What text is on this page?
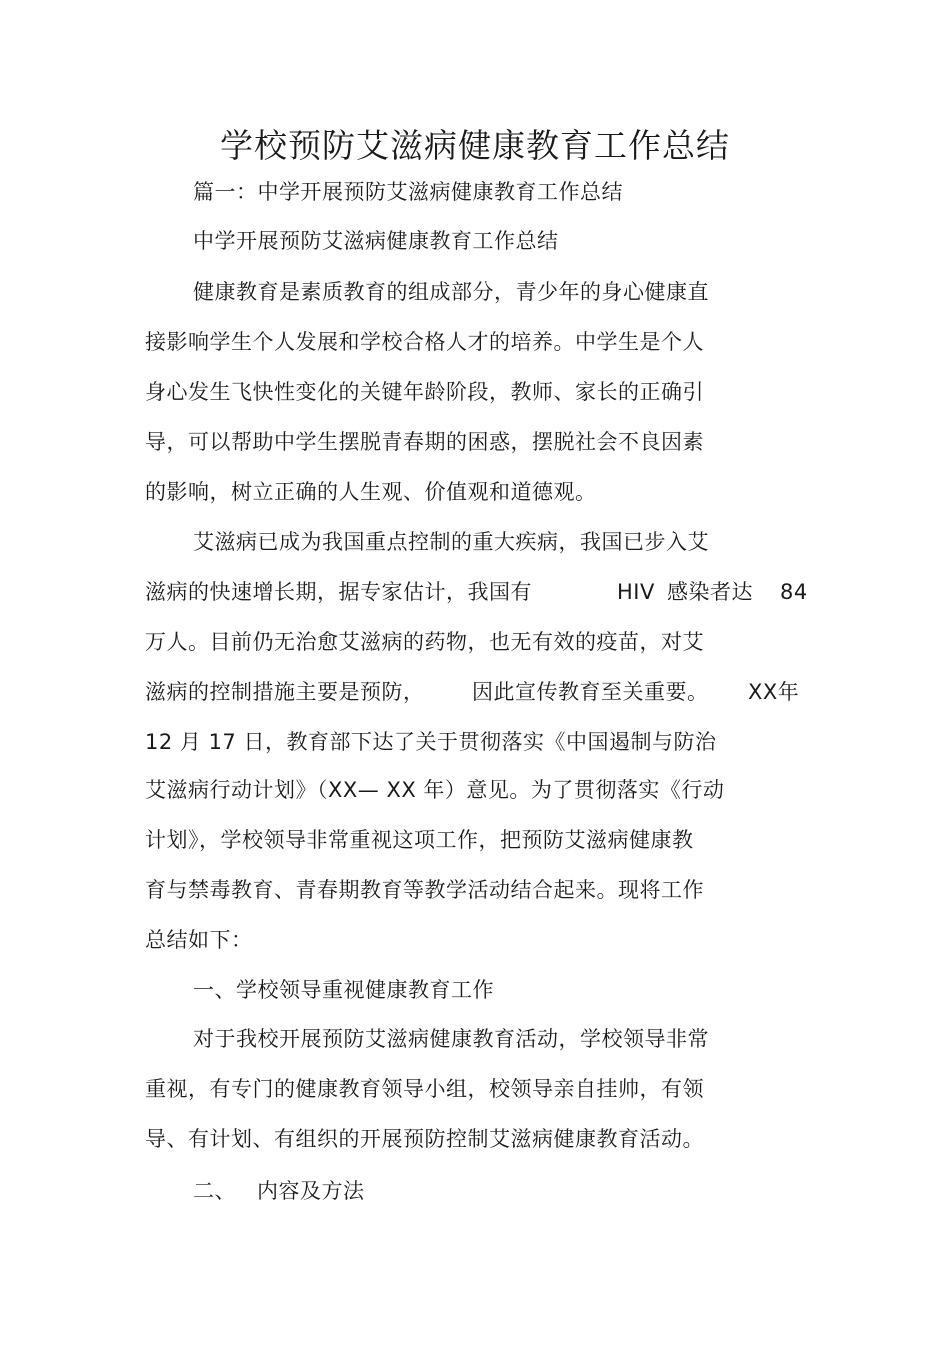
学校预防艾滋病健康教育工作总结
篇一：中学开展预防艾滋病健康教育工作总结
中学开展预防艾滋病健康教育工作总结
健康教育是素质教育的组成部分，青少年的身心健康直
接影响学生个人发展和学校合格人才的培养。中学生是个人
身心发生飞快性变化的关键年龄阶段，教师、家长的正确引
导，可以帮助中学生摆脱青春期的困惑，摆脱社会不良因素
的影响，树立正确的人生观、价值观和道德观。
艾滋病已成为我国重点控制的重大疾病，我国已步入艾
滋病的快速增长期，据专家估计，我国有	HIV 感染者达 84
万人。目前仍无治愈艾滋病的药物，也无有效的疫苗，对艾
滋病的控制措施主要是预防， 因此宣传教育至关重要。 XX年
12 月 17 日，教育部下达了关于贯彻落实《中国遏制与防治
艾滋病行动计划》（XX— XX 年）意见。为了贯彻落实《行动
计划》，学校领导非常重视这项工作，把预防艾滋病健康教
育与禁毒教育、青春期教育等教学活动结合起来。现将工作
总结如下：
一、学校领导重视健康教育工作
对于我校开展预防艾滋病健康教育活动，学校领导非常
重视，有专门的健康教育领导小组，校领导亲自挂帅，有领
导、有计划、有组织的开展预防控制艾滋病健康教育活动。
二、 内容及方法
